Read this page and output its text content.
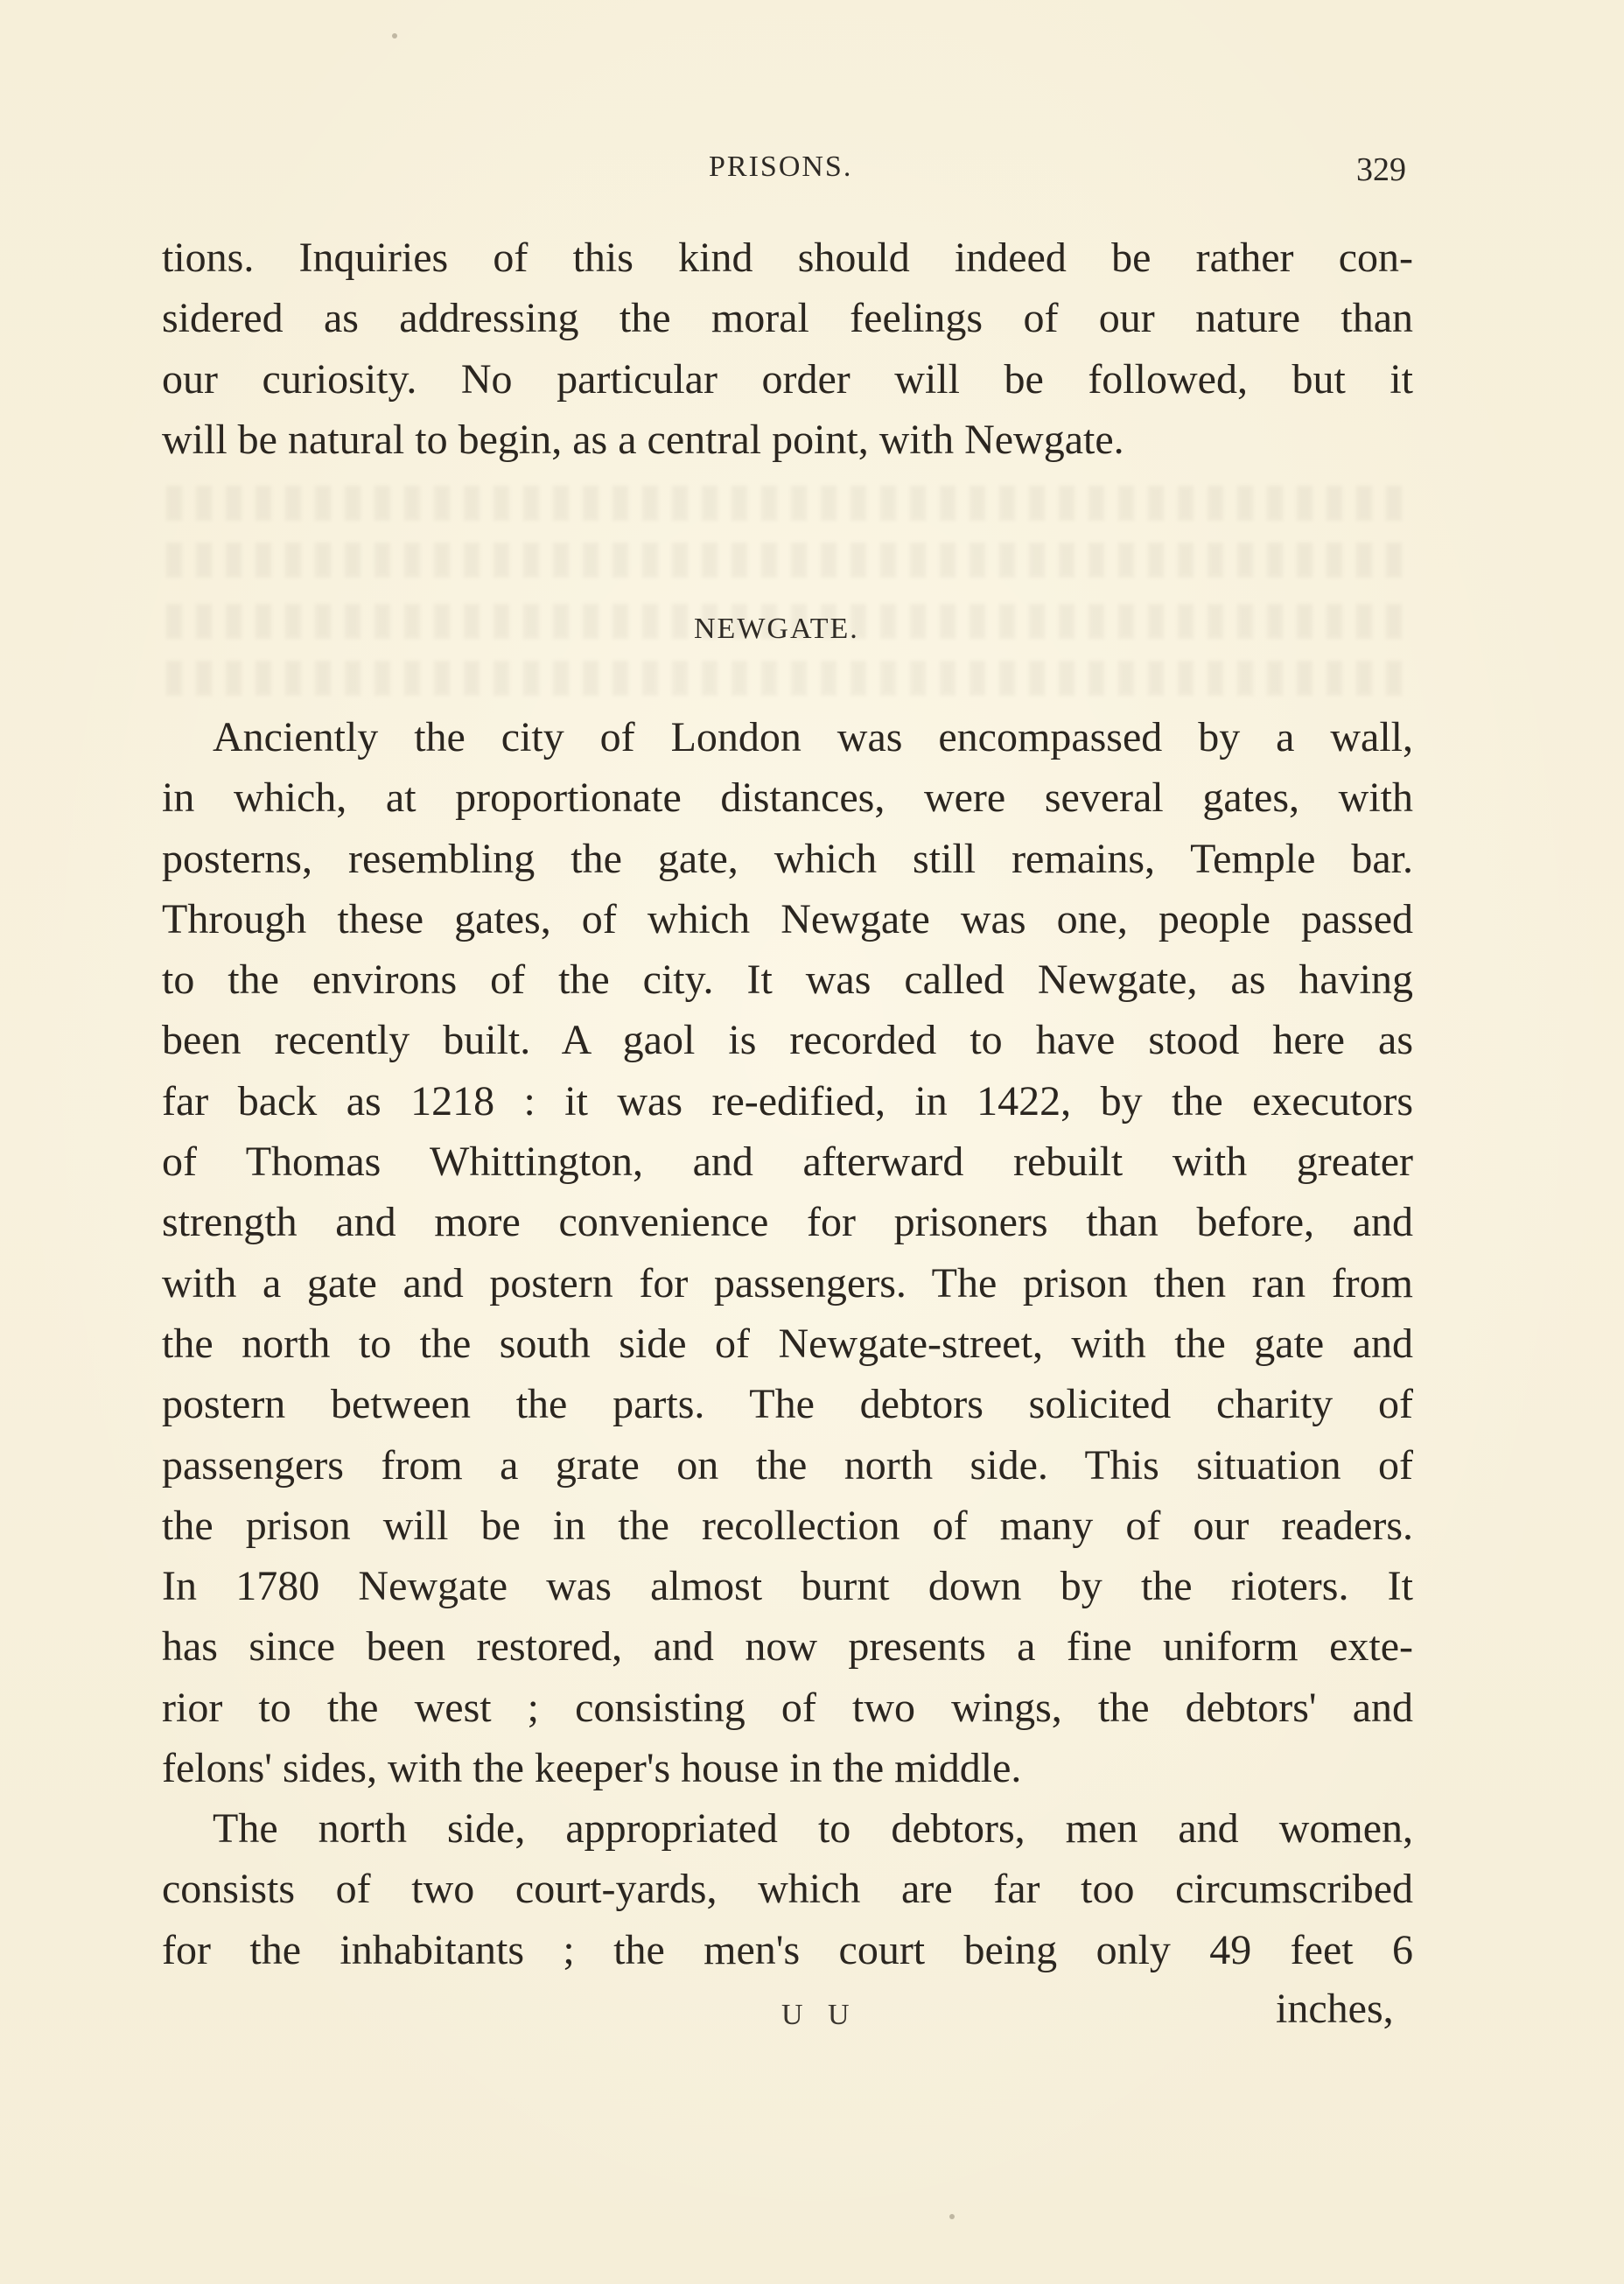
PRISONS.	329
tions. Inquiries of this kind should indeed be rather con-
sidered as addressing the moral feelings of our nature than
our curiosity. No particular order will be followed, but it
will be natural to begin, as a central point, with Newgate.
NEWGATE.
Anciently the city of London was encompassed by a wall,
in which, at proportionate distances, were several gates, with
posterns, resembling the gate, which still remains, Temple bar.
Through these gates, of which Newgate was one, people passed
to the environs of the city. It was called Newgate, as having
been recently built. A gaol is recorded to have stood here as
far back as 1218 : it was re-edified, in 1422, by the executors
of Thomas Whittington, and afterward rebuilt with greater
strength and more convenience for prisoners than before, and
with a gate and postern for passengers. The prison then ran from
the north to the south side of Newgate-street, with the gate and
postern between the parts. The debtors solicited charity of
passengers from a grate on the north side. This situation of
the prison will be in the recollection of many of our readers.
In 1780 Newgate was almost burnt down by the rioters. It
has since been restored, and now presents a fine uniform exte-
rior to the west ; consisting of two wings, the debtors' and
felons' sides, with the keeper's house in the middle.
The north side, appropriated to debtors, men and women,
consists of two court-yards, which are far too circumscribed
for the inhabitants ; the men's court being only 49 feet 6
U U	inches,
